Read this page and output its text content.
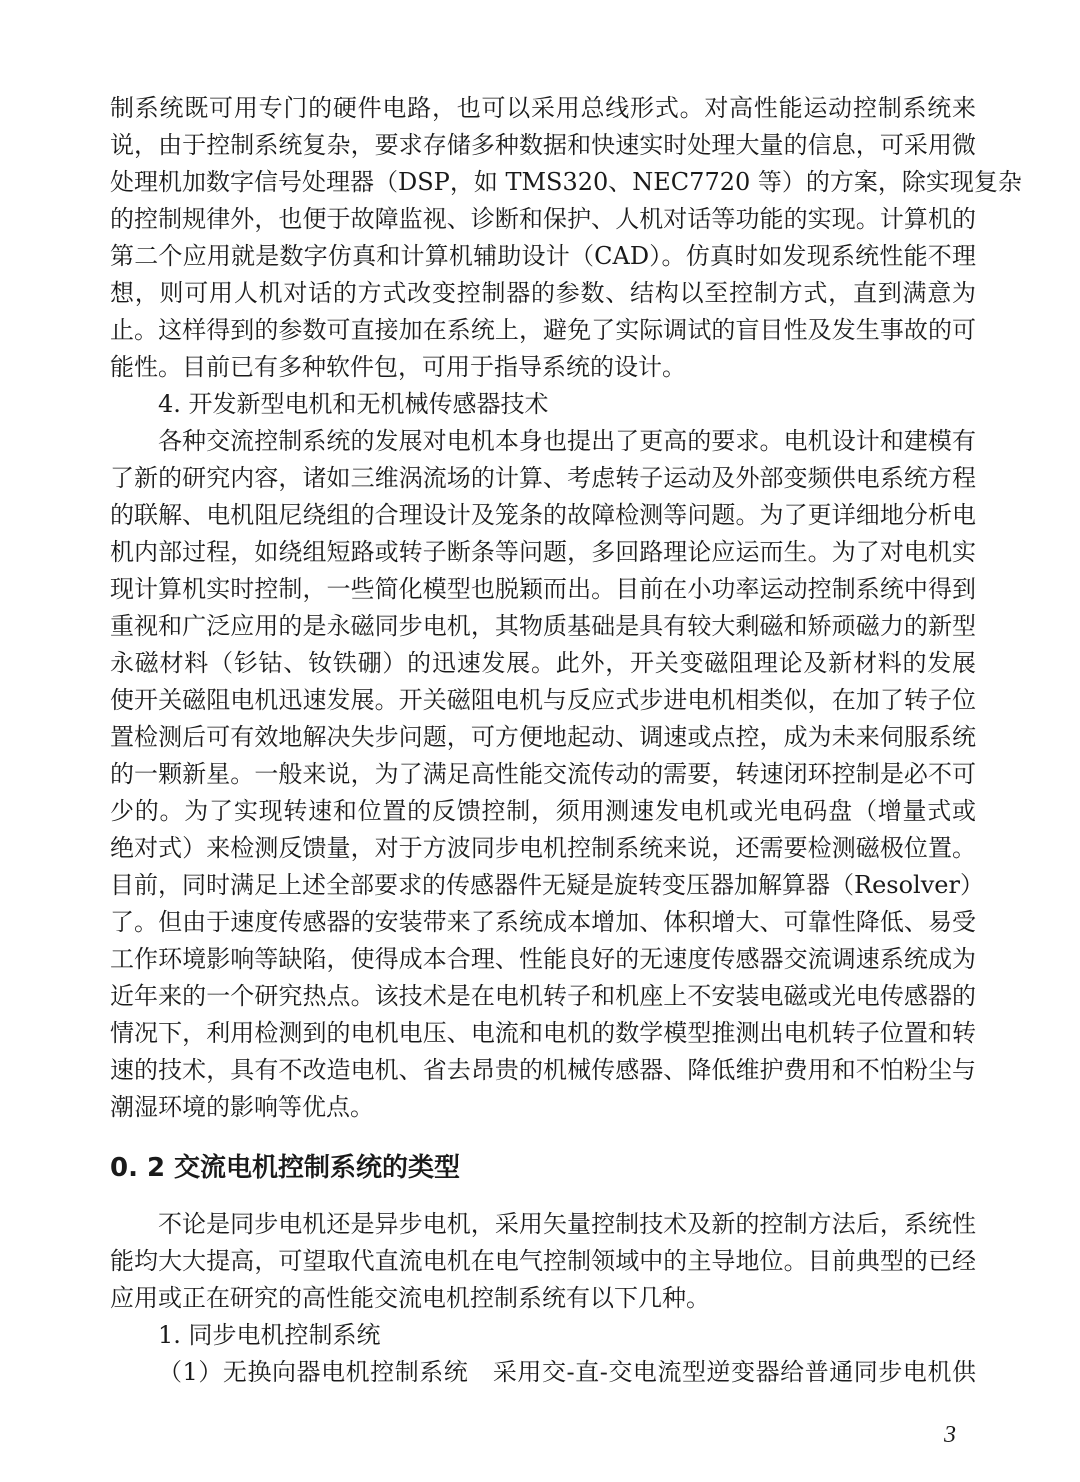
制系统既可用专门的硬件电路，也可以采用总线形式。对高性能运动控制系统来
说，由于控制系统复杂，要求存储多种数据和快速实时处理大量的信息，可采用微
处理机加数字信号处理器（DSP，如 TMS320、NEC7720 等）的方案，除实现复杂
的控制规律外，也便于故障监视、诊断和保护、人机对话等功能的实现。计算机的
第二个应用就是数字仿真和计算机辅助设计（CAD）。仿真时如发现系统性能不理
想，则可用人机对话的方式改变控制器的参数、结构以至控制方式，直到满意为
止。这样得到的参数可直接加在系统上，避免了实际调试的盲目性及发生事故的可
能性。目前已有多种软件包，可用于指导系统的设计。
4. 开发新型电机和无机械传感器技术
各种交流控制系统的发展对电机本身也提出了更高的要求。电机设计和建模有
了新的研究内容，诸如三维涡流场的计算、考虑转子运动及外部变频供电系统方程
的联解、电机阻尼绕组的合理设计及笼条的故障检测等问题。为了更详细地分析电
机内部过程，如绕组短路或转子断条等问题，多回路理论应运而生。为了对电机实
现计算机实时控制，一些简化模型也脱颖而出。目前在小功率运动控制系统中得到
重视和广泛应用的是永磁同步电机，其物质基础是具有较大剩磁和矫顽磁力的新型
永磁材料（钐钴、钕铁硼）的迅速发展。此外，开关变磁阻理论及新材料的发展
使开关磁阻电机迅速发展。开关磁阻电机与反应式步进电机相类似，在加了转子位
置检测后可有效地解决失步问题，可方便地起动、调速或点控，成为未来伺服系统
的一颗新星。一般来说，为了满足高性能交流传动的需要，转速闭环控制是必不可
少的。为了实现转速和位置的反馈控制，须用测速发电机或光电码盘（增量式或
绝对式）来检测反馈量，对于方波同步电机控制系统来说，还需要检测磁极位置。
目前，同时满足上述全部要求的传感器件无疑是旋转变压器加解算器（Resolver）
了。但由于速度传感器的安装带来了系统成本增加、体积增大、可靠性降低、易受
工作环境影响等缺陷，使得成本合理、性能良好的无速度传感器交流调速系统成为
近年来的一个研究热点。该技术是在电机转子和机座上不安装电磁或光电传感器的
情况下，利用检测到的电机电压、电流和电机的数学模型推测出电机转子位置和转
速的技术，具有不改造电机、省去昂贵的机械传感器、降低维护费用和不怕粉尘与
潮湿环境的影响等优点。
0. 2 交流电机控制系统的类型
不论是同步电机还是异步电机，采用矢量控制技术及新的控制方法后，系统性
能均大大提高，可望取代直流电机在电气控制领域中的主导地位。目前典型的已经
应用或正在研究的高性能交流电机控制系统有以下几种。
1. 同步电机控制系统
（1）无换向器电机控制系统　采用交-直-交电流型逆变器给普通同步电机供
3
